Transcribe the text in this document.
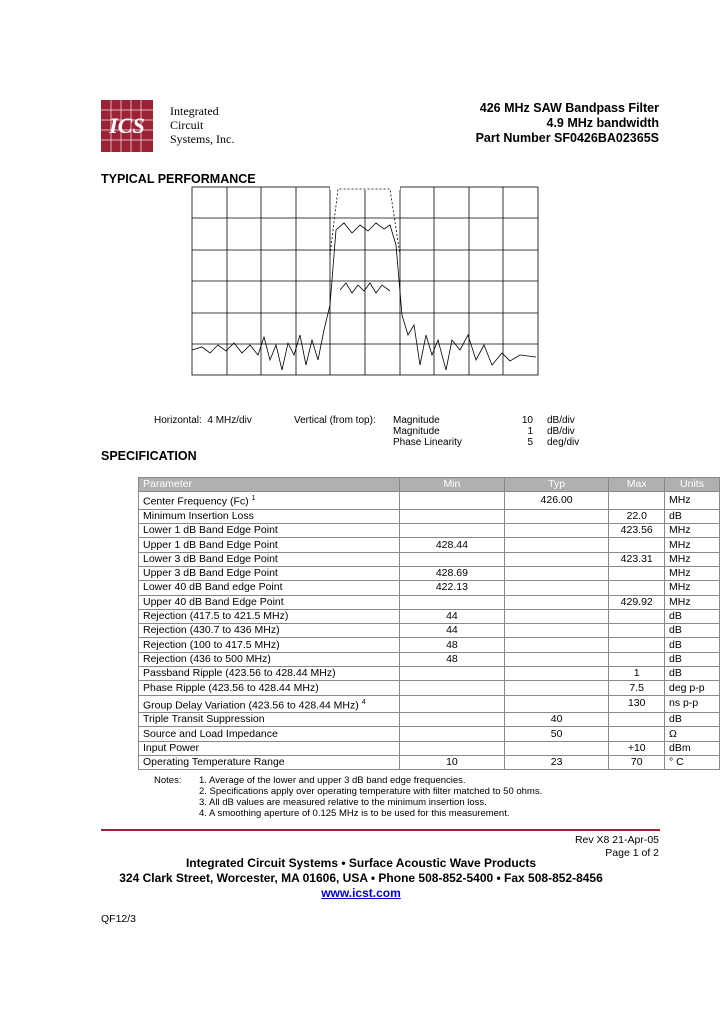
ICS
Integrated
Circuit
Systems, Inc.
426 MHz SAW Bandpass Filter
4.9 MHz bandwidth
Part Number SF0426BA02365S
TYPICAL PERFORMANCE
Horizontal: 4 MHz/div	Vertical (from top): Magnitude	10 dB/div
Magnitude	1 dB/div
Phase Linearity	5 deg/div
SPECIFICATION
Parameter	Min	Typ	Max	Units
Center Frequency (Fc) $^1$		426.00		MHz
Minimum Insertion Loss			22.0	dB
Lower 1 dB Band Edge Point			423.56	MHz
Upper 1 dB Band Edge Point	428.44			MHz
Lower 3 dB Band Edge Point			423.31	MHz
Upper 3 dB Band Edge Point	428.69			MHz
Lower 40 dB Band edge Point	422.13			MHz
Upper 40 dB Band Edge Point			429.92	MHz
Rejection (417.5 to 421.5 MHz)	44			dB
Rejection (430.7 to 436 MHz)	44			dB
Rejection (100 to 417.5 MHz)	48			dB
Rejection (436 to 500 MHz)	48			dB
Passband Ripple (423.56 to 428.44 MHz)			1	dB
Phase Ripple (423.56 to 428.44 MHz)			7.5	deg p-p
Group Delay Variation (423.56 to 428.44 MHz) $^4$			130	ns p-p
Triple Transit Suppression		40		dB
Source and Load Impedance		50		Ω
Input Power			+10	dBm
Operating Temperature Range	10	23	70	° C
Notes: 1. Average of the lower and upper 3 dB band edge frequencies.
2. Specifications apply over operating temperature with filter matched to 50 ohms.
3. All dB values are measured relative to the minimum insertion loss.
4. A smoothing aperture of 0.125 MHz is to be used for this measurement.
Rev X8 21-Apr-05
Page 1 of 2
Integrated Circuit Systems • Surface Acoustic Wave Products
324 Clark Street, Worcester, MA 01606, USA • Phone 508-852-5400 • Fax 508-852-8456
www.icst.com
QF12/3
